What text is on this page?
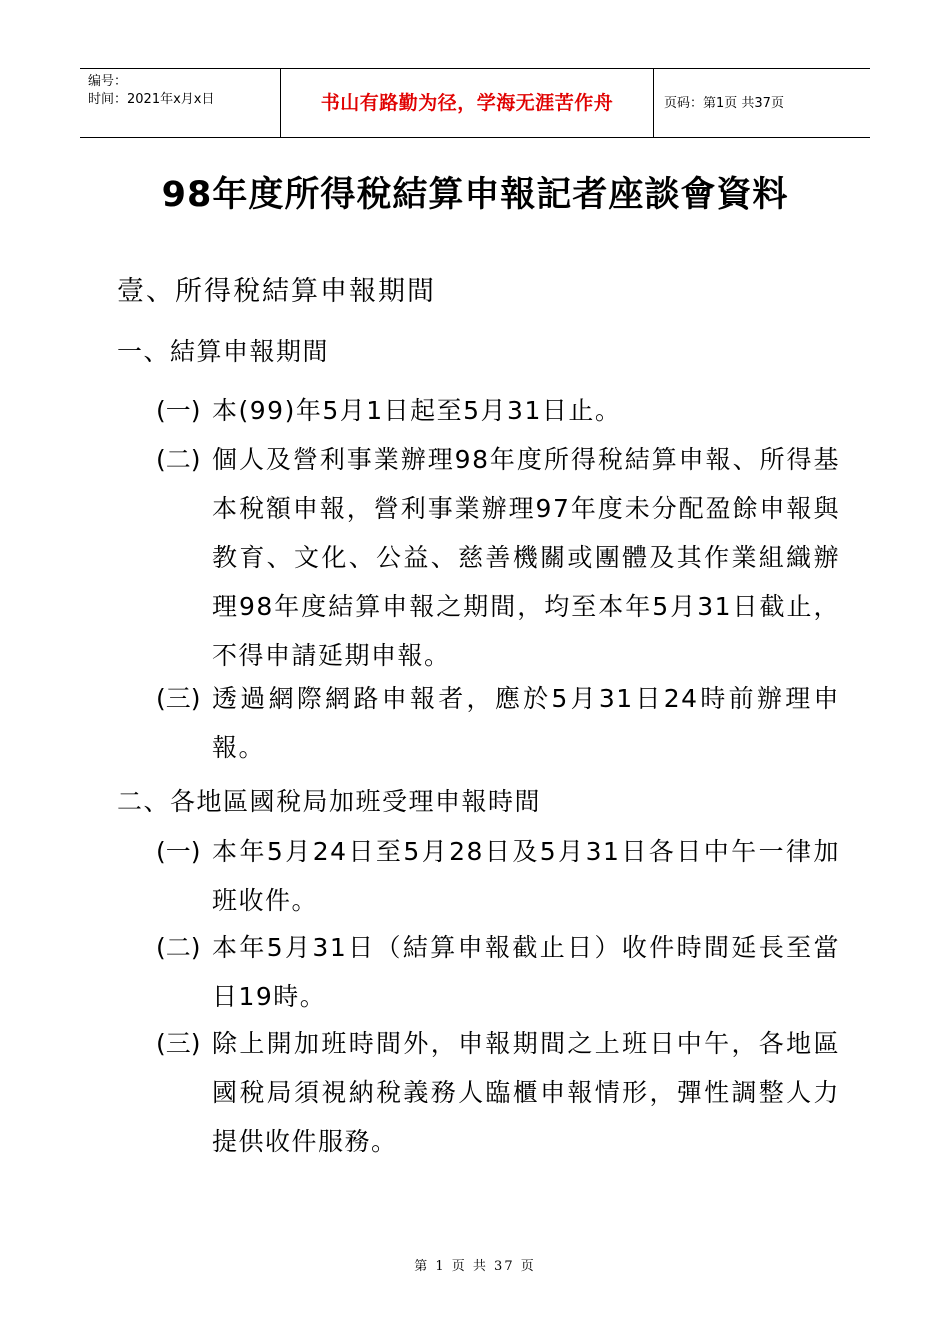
编号：
时间：2021年x月x日	书山有路勤为径，学海无涯苦作舟	页码：第1页 共37页
98年度所得稅結算申報記者座談會資料
壹、所得稅結算申報期間
一、結算申報期間
(一) 本(99)年5月1日起至5月31日止。
(二) 個人及營利事業辦理98年度所得稅結算申報、所得基本稅額申報，營利事業辦理97年度未分配盈餘申報與教育、文化、公益、慈善機關或團體及其作業組織辦理98年度結算申報之期間，均至本年5月31日截止，不得申請延期申報。
(三) 透過網際網路申報者，應於5月31日24時前辦理申報。
二、各地區國稅局加班受理申報時間
(一) 本年5月24日至5月28日及5月31日各日中午一律加班收件。
(二) 本年5月31日（結算申報截止日）收件時間延長至當日19時。
(三) 除上開加班時間外，申報期間之上班日中午，各地區國稅局須視納稅義務人臨櫃申報情形，彈性調整人力提供收件服務。
第 1 页 共 37 页
